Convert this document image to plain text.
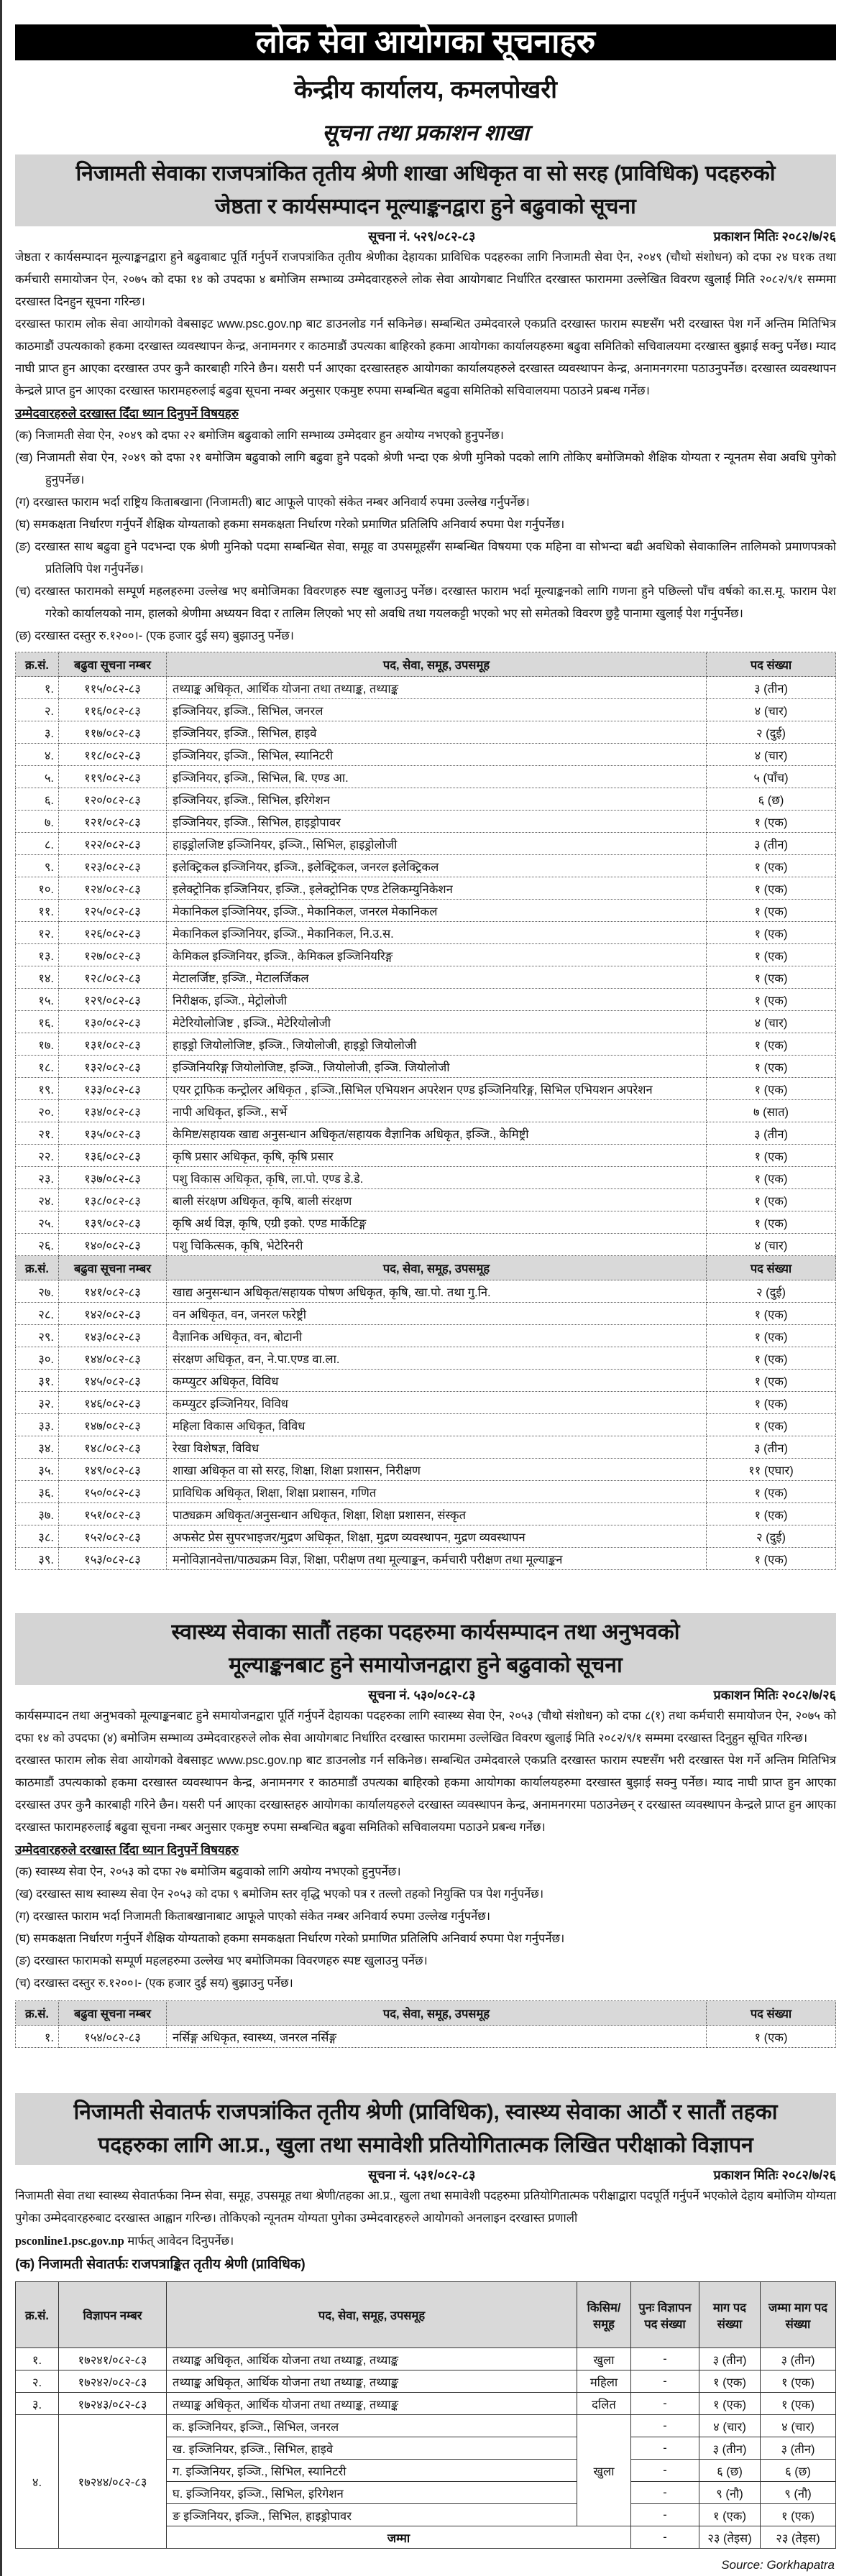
लोक सेवा आयोगका सूचनाहरु
केन्द्रीय कार्यालय, कमलपोखरी
सूचना तथा प्रकाशन शाखा
निजामती सेवाका राजपत्रांकित तृतीय श्रेणी शाखा अधिकृत वा सो सरह (प्राविधिक) पदहरुको
जेष्ठता र कार्यसम्पादन मूल्याङ्कनद्वारा हुने बढुवाको सूचना
सूचना नं. ५२९/०८२-८३	प्रकाशन मितिः २०८२/७/२६

जेष्ठता र कार्यसम्पादन मूल्याङ्कनद्वारा हुने बढुवाबाट पूर्ति गर्नुपर्ने राजपत्रांकित तृतीय श्रेणीका देहायका प्राविधिक पदहरुका लागि निजामती सेवा ऐन, २०४९ (चौथो संशोधन) को दफा २४ घ१क तथा कर्मचारी समायोजन ऐन, २०७५ को दफा १४ को उपदफा ४ बमोजिम सम्भाव्य उम्मेदवारहरुले लोक सेवा आयोगबाट निर्धारित दरखास्त फाराममा उल्लेखित विवरण खुलाई मिति २०८२/९/१ सम्ममा दरखास्त दिनहुन सूचना गरिन्छ।

दरखास्त फाराम लोक सेवा आयोगको वेबसाइट www.psc.gov.np बाट डाउनलोड गर्न सकिनेछ। सम्बन्धित उम्मेदवारले एकप्रति दरखास्त फाराम स्पष्टसँग भरी दरखास्त पेश गर्ने अन्तिम मितिभित्र काठमाडौं उपत्यकाको हकमा दरखास्त व्यवस्थापन केन्द्र, अनामनगर र काठमाडौं उपत्यका बाहिरको हकमा आयोगका कार्यालयहरुमा बढुवा समितिको सचिवालयमा दरखास्त बुझाई सक्नु पर्नेछ। म्याद नाघी प्राप्त हुन आएका दरखास्त उपर कुनै कारबाही गरिने छैन। यसरी पर्न आएका दरखास्तहरु आयोगका कार्यालयहरुले दरखास्त व्यवस्थापन केन्द्र, अनामनगरमा पठाउनुपर्नेछ। दरखास्त व्यवस्थापन केन्द्रले प्राप्त हुन आएका दरखास्त फारामहरुलाई बढुवा सूचना नम्बर अनुसार एकमुष्ट रुपमा सम्बन्धित बढुवा समितिको सचिवालयमा पठाउने प्रबन्ध गर्नेछ।

उम्मेदवारहरुले दरखास्त दिँदा ध्यान दिनुपर्ने विषयहरु
(क) निजामती सेवा ऐन, २०४९ को दफा २२ बमोजिम बढुवाको लागि सम्भाव्य उम्मेदवार हुन अयोग्य नभएको हुनुपर्नेछ।
(ख) निजामती सेवा ऐन, २०४९ को दफा २१ बमोजिम बढुवाको लागि बढुवा हुने पदको श्रेणी भन्दा एक श्रेणी मुनिको पदको लागि तोकिए बमोजिमको शैक्षिक योग्यता र न्यूनतम सेवा अवधि पुगेको हुनुपर्नेछ।
(ग) दरखास्त फाराम भर्दा राष्ट्रिय किताबखाना (निजामती) बाट आफूले पाएको संकेत नम्बर अनिवार्य रुपमा उल्लेख गर्नुपर्नेछ।
(घ) समकक्षता निर्धारण गर्नुपर्ने शैक्षिक योग्यताको हकमा समकक्षता निर्धारण गरेको प्रमाणित प्रतिलिपि अनिवार्य रुपमा पेश गर्नुपर्नेछ।
(ङ) दरखास्त साथ बढुवा हुने पदभन्दा एक श्रेणी मुनिको पदमा सम्बन्धित सेवा, समूह वा उपसमूहसँग सम्बन्धित विषयमा एक महिना वा सोभन्दा बढी अवधिको सेवाकालिन तालिमको प्रमाणपत्रको प्रतिलिपि पेश गर्नुपर्नेछ।
(च) दरखास्त फारामको सम्पूर्ण महलहरुमा उल्लेख भए बमोजिमका विवरणहरु स्पष्ट खुलाउनु पर्नेछ। दरखास्त फाराम भर्दा मूल्याङ्कनको लागि गणना हुने पछिल्लो पाँच वर्षको का.स.मू. फाराम पेश गरेको कार्यालयको नाम, हालको श्रेणीमा अध्ययन विदा र तालिम लिएको भए सो अवधि तथा गयलकट्टी भएको भए सो समेतको विवरण छुट्टै पानामा खुलाई पेश गर्नुपर्नेछ।
(छ) दरखास्त दस्तुर रु.१२००।- (एक हजार दुई सय) बुझाउनु पर्नेछ।
क्र.सं.	बढुवा सूचना नम्बर	पद, सेवा, समूह, उपसमूह	पद संख्या
१.	११५/०८२-८३	तथ्याङ्क अधिकृत, आर्थिक योजना तथा तथ्याङ्क, तथ्याङ्क	३ (तीन)
२.	११६/०८२-८३	इञ्जिनियर, इञ्जि., सिभिल, जनरल	४ (चार)
३.	११७/०८२-८३	इञ्जिनियर, इञ्जि., सिभिल, हाइवे	२ (दुई)
४.	११८/०८२-८३	इञ्जिनियर, इञ्जि., सिभिल, स्यानिटरी	४ (चार)
५.	११९/०८२-८३	इञ्जिनियर, इञ्जि., सिभिल, बि. एण्ड आ.	५ (पाँच)
६.	१२०/०८२-८३	इञ्जिनियर, इञ्जि., सिभिल, इरिगेशन	६ (छ)
७.	१२१/०८२-८३	इञ्जिनियर, इञ्जि., सिभिल, हाइड्रोपावर	१ (एक)
८.	१२२/०८२-८३	हाइड्रोलजिष्ट इञ्जिनियर, इञ्जि., सिभिल, हाइड्रोलोजी	३ (तीन)
९.	१२३/०८२-८३	इलेक्ट्रिकल इञ्जिनियर, इञ्जि., इलेक्ट्रिकल, जनरल इलेक्ट्रिकल	१ (एक)
१०.	१२४/०८२-८३	इलेक्ट्रोनिक इञ्जिनियर, इञ्जि., इलेक्ट्रोनिक एण्ड टेलिकम्युनिकेशन	१ (एक)
११.	१२५/०८२-८३	मेकानिकल इञ्जिनियर, इञ्जि., मेकानिकल, जनरल मेकानिकल	१ (एक)
१२.	१२६/०८२-८३	मेकानिकल इञ्जिनियर, इञ्जि., मेकानिकल, नि.उ.स.	१ (एक)
१३.	१२७/०८२-८३	केमिकल इञ्जिनियर, इञ्जि., केमिकल इञ्जिनियरिङ्ग	१ (एक)
१४.	१२८/०८२-८३	मेटालर्जिष्ट, इञ्जि., मेटालर्जिकल	१ (एक)
१५.	१२९/०८२-८३	निरीक्षक, इञ्जि., मेट्रोलोजी	१ (एक)
१६.	१३०/०८२-८३	मेटेरियोलोजिष्ट , इञ्जि., मेटेरियोलोजी	४ (चार)
१७.	१३१/०८२-८३	हाइड्रो जियोलोजिष्ट, इञ्जि., जियोलोजी, हाइड्रो जियोलोजी	१ (एक)
१८.	१३२/०८२-८३	इञ्जिनियरिङ्ग जियोलोजिष्ट, इञ्जि., जियोलोजी, इञ्जि. जियोलोजी	१ (एक)
१९.	१३३/०८२-८३	एयर ट्राफिक कन्ट्रोलर अधिकृत , इञ्जि.,सिभिल एभियशन अपरेशन एण्ड इञ्जिनियरिङ्ग, सिभिल एभियशन अपरेशन	१ (एक)
२०.	१३४/०८२-८३	नापी अधिकृत, इञ्जि., सर्भे	७ (सात)
२१.	१३५/०८२-८३	केमिष्ट/सहायक खाद्य अनुसन्धान अधिकृत/सहायक वैज्ञानिक अधिकृत, इञ्जि., केमिष्ट्री	३ (तीन)
२२.	१३६/०८२-८३	कृषि प्रसार अधिकृत, कृषि, कृषि प्रसार	१ (एक)
२३.	१३७/०८२-८३	पशु विकास अधिकृत, कृषि, ला.पो. एण्ड डे.डे.	१ (एक)
२४.	१३८/०८२-८३	बाली संरक्षण अधिकृत, कृषि, बाली संरक्षण	१ (एक)
२५.	१३९/०८२-८३	कृषि अर्थ विज्ञ, कृषि, एग्री इको. एण्ड मार्केटिङ्ग	१ (एक)
२६.	१४०/०८२-८३	पशु चिकित्सक, कृषि, भेटेरिनरी	४ (चार)
क्र.सं.	बढुवा सूचना नम्बर	पद, सेवा, समूह, उपसमूह	पद संख्या
२७.	१४१/०८२-८३	खाद्य अनुसन्धान अधिकृत/सहायक पोषण अधिकृत, कृषि, खा.पो. तथा गु.नि.	२ (दुई)
२८.	१४२/०८२-८३	वन अधिकृत, वन, जनरल फरेष्ट्री	१ (एक)
२९.	१४३/०८२-८३	वैज्ञानिक अधिकृत, वन, बोटानी	१ (एक)
३०.	१४४/०८२-८३	संरक्षण अधिकृत, वन, ने.पा.एण्ड वा.ला.	१ (एक)
३१.	१४५/०८२-८३	कम्प्युटर अधिकृत, विविध	१ (एक)
३२.	१४६/०८२-८३	कम्प्युटर इञ्जिनियर, विविध	१ (एक)
३३.	१४७/०८२-८३	महिला विकास अधिकृत, विविध	१ (एक)
३४.	१४८/०८२-८३	रेखा विशेषज्ञ, विविध	३ (तीन)
३५.	१४९/०८२-८३	शाखा अधिकृत वा सो सरह, शिक्षा, शिक्षा प्रशासन, निरीक्षण	११ (एघार)
३६.	१५०/०८२-८३	प्राविधिक अधिकृत, शिक्षा, शिक्षा प्रशासन, गणित	१ (एक)
३७.	१५१/०८२-८३	पाठ्यक्रम अधिकृत/अनुसन्धान अधिकृत, शिक्षा, शिक्षा प्रशासन, संस्कृत	१ (एक)
३८.	१५२/०८२-८३	अफसेट प्रेस सुपरभाइजर/मुद्रण अधिकृत, शिक्षा, मुद्रण व्यवस्थापन, मुद्रण व्यवस्थापन	२ (दुई)
३९.	१५३/०८२-८३	मनोविज्ञानवेत्ता/पाठ्यक्रम विज्ञ, शिक्षा, परीक्षण तथा मूल्याङ्कन, कर्मचारी परीक्षण तथा मूल्याङ्कन	१ (एक)
स्वास्थ्य सेवाका सातौं तहका पदहरुमा कार्यसम्पादन तथा अनुभवको
मूल्याङ्कनबाट हुने समायोजनद्वारा हुने बढुवाको सूचना
सूचना नं. ५३०/०८२-८३	प्रकाशन मितिः २०८२/७/२६

कार्यसम्पादन तथा अनुभवको मूल्याङ्कनबाट हुने समायोजनद्वारा पूर्ति गर्नुपर्ने देहायका पदहरुका लागि स्वास्थ्य सेवा ऐन, २०५३ (चौथो संशोधन) को दफा ८(१) तथा कर्मचारी समायोजन ऐन, २०७५ को दफा १४ को उपदफा (४) बमोजिम सम्भाव्य उम्मेदवारहरुले लोक सेवा आयोगबाट निर्धारित दरखास्त फाराममा उल्लेखित विवरण खुलाई मिति २०८२/९/१ सम्ममा दरखास्त दिनुहुन सूचित गरिन्छ।

दरखास्त फाराम लोक सेवा आयोगको वेबसाइट www.psc.gov.np बाट डाउनलोड गर्न सकिनेछ। सम्बन्धित उम्मेदवारले एकप्रति दरखास्त फाराम स्पष्टसँग भरी दरखास्त पेश गर्ने अन्तिम मितिभित्र काठमाडौं उपत्यकाको हकमा दरखास्त व्यवस्थापन केन्द्र, अनामनगर र काठमाडौं उपत्यका बाहिरको हकमा आयोगका कार्यालयहरुमा दरखास्त बुझाई सक्नु पर्नेछ। म्याद नाघी प्राप्त हुन आएका दरखास्त उपर कुनै कारबाही गरिने छैन। यसरी पर्न आएका दरखास्तहरु आयोगका कार्यालयहरुले दरखास्त व्यवस्थापन केन्द्र, अनामनगरमा पठाउनेछन् र दरखास्त व्यवस्थापन केन्द्रले प्राप्त हुन आएका दरखास्त फारामहरुलाई बढुवा सूचना नम्बर अनुसार एकमुष्ट रुपमा सम्बन्धित बढुवा समितिको सचिवालयमा पठाउने प्रबन्ध गर्नेछ।

उम्मेदवारहरुले दरखास्त दिँदा ध्यान दिनुपर्ने विषयहरु
(क) स्वास्थ्य सेवा ऐन, २०५३ को दफा २७ बमोजिम बढुवाको लागि अयोग्य नभएको हुनुपर्नेछ।
(ख) दरखास्त साथ स्वास्थ्य सेवा ऐन २०५३ को दफा ९ बमोजिम स्तर वृद्धि भएको पत्र र तल्लो तहको नियुक्ति पत्र पेश गर्नुपर्नेछ।
(ग) दरखास्त फाराम भर्दा निजामती किताबखानाबाट आफूले पाएको संकेत नम्बर अनिवार्य रुपमा उल्लेख गर्नुपर्नेछ।
(घ) समकक्षता निर्धारण गर्नुपर्ने शैक्षिक योग्यताको हकमा समकक्षता निर्धारण गरेको प्रमाणित प्रतिलिपि अनिवार्य रुपमा पेश गर्नुपर्नेछ।
(ङ) दरखास्त फारामको सम्पूर्ण महलहरुमा उल्लेख भए बमोजिमका विवरणहरु स्पष्ट खुलाउनु पर्नेछ।
(च) दरखास्त दस्तुर रु.१२००।- (एक हजार दुई सय) बुझाउनु पर्नेछ।
क्र.सं.	बढुवा सूचना नम्बर	पद, सेवा, समूह, उपसमूह	पद संख्या
१.	१५४/०८२-८३	नर्सिङ्ग अधिकृत, स्वास्थ्य, जनरल नर्सिङ्ग	१ (एक)
निजामती सेवातर्फ राजपत्रांकित तृतीय श्रेणी (प्राविधिक), स्वास्थ्य सेवाका आठौं र सातौं तहका
पदहरुका लागि आ.प्र., खुला तथा समावेशी प्रतियोगितात्मक लिखित परीक्षाको विज्ञापन
सूचना नं. ५३१/०८२-८३	प्रकाशन मितिः २०८२/७/२६

निजामती सेवा तथा स्वास्थ्य सेवातर्फका निम्न सेवा, समूह, उपसमूह तथा श्रेणी/तहका आ.प्र., खुला तथा समावेशी पदहरुमा प्रतियोगितात्मक परीक्षाद्वारा पदपूर्ति गर्नुपर्ने भएकोले देहाय बमोजिम योग्यता पुगेका उम्मेदवारहरुबाट दरखास्त आह्वान गरिन्छ। तोकिएको न्यूनतम योग्यता पुगेका उम्मेदवारहरुले आयोगको अनलाइन दरखास्त प्रणाली
psconline1.psc.gov.np मार्फत् आवेदन दिनुपर्नेछ।

(क) निजामती सेवातर्फः राजपत्राङ्कित तृतीय श्रेणी (प्राविधिक)
क्र.सं.	विज्ञापन नम्बर	पद, सेवा, समूह, उपसमूह	किसिम/ समूह	पुनः विज्ञापन पद संख्या	माग पद संख्या	जम्मा माग पद संख्या
१.	१७२४१/०८२-८३	तथ्याङ्क अधिकृत, आर्थिक योजना तथा तथ्याङ्क, तथ्याङ्क	खुला	-	३ (तीन)	३ (तीन)
२.	१७२४२/०८२-८३	तथ्याङ्क अधिकृत, आर्थिक योजना तथा तथ्याङ्क, तथ्याङ्क	महिला	-	१ (एक)	१ (एक)
३.	१७२४३/०८२-८३	तथ्याङ्क अधिकृत, आर्थिक योजना तथा तथ्याङ्क, तथ्याङ्क	दलित	-	१ (एक)	१ (एक)
४.	१७२४४/०८२-८३	क. इञ्जिनियर, इञ्जि., सिभिल, जनरल	खुला	-	४ (चार)	४ (चार)
		ख. इञ्जिनियर, इञ्जि., सिभिल, हाइवे		-	३ (तीन)	३ (तीन)
		ग. इञ्जिनियर, इञ्जि., सिभिल, स्यानिटरी		-	६ (छ)	६ (छ)
		घ. इञ्जिनियर, इञ्जि., सिभिल, इरिगेशन		-	९ (नौ)	९ (नौ)
		ङ इञ्जिनियर, इञ्जि., सिभिल, हाइड्रोपावर		-	१ (एक)	१ (एक)
		जम्मा		-	२३ (तेइस)	२३ (तेइस)
Source: Gorkhapatra
